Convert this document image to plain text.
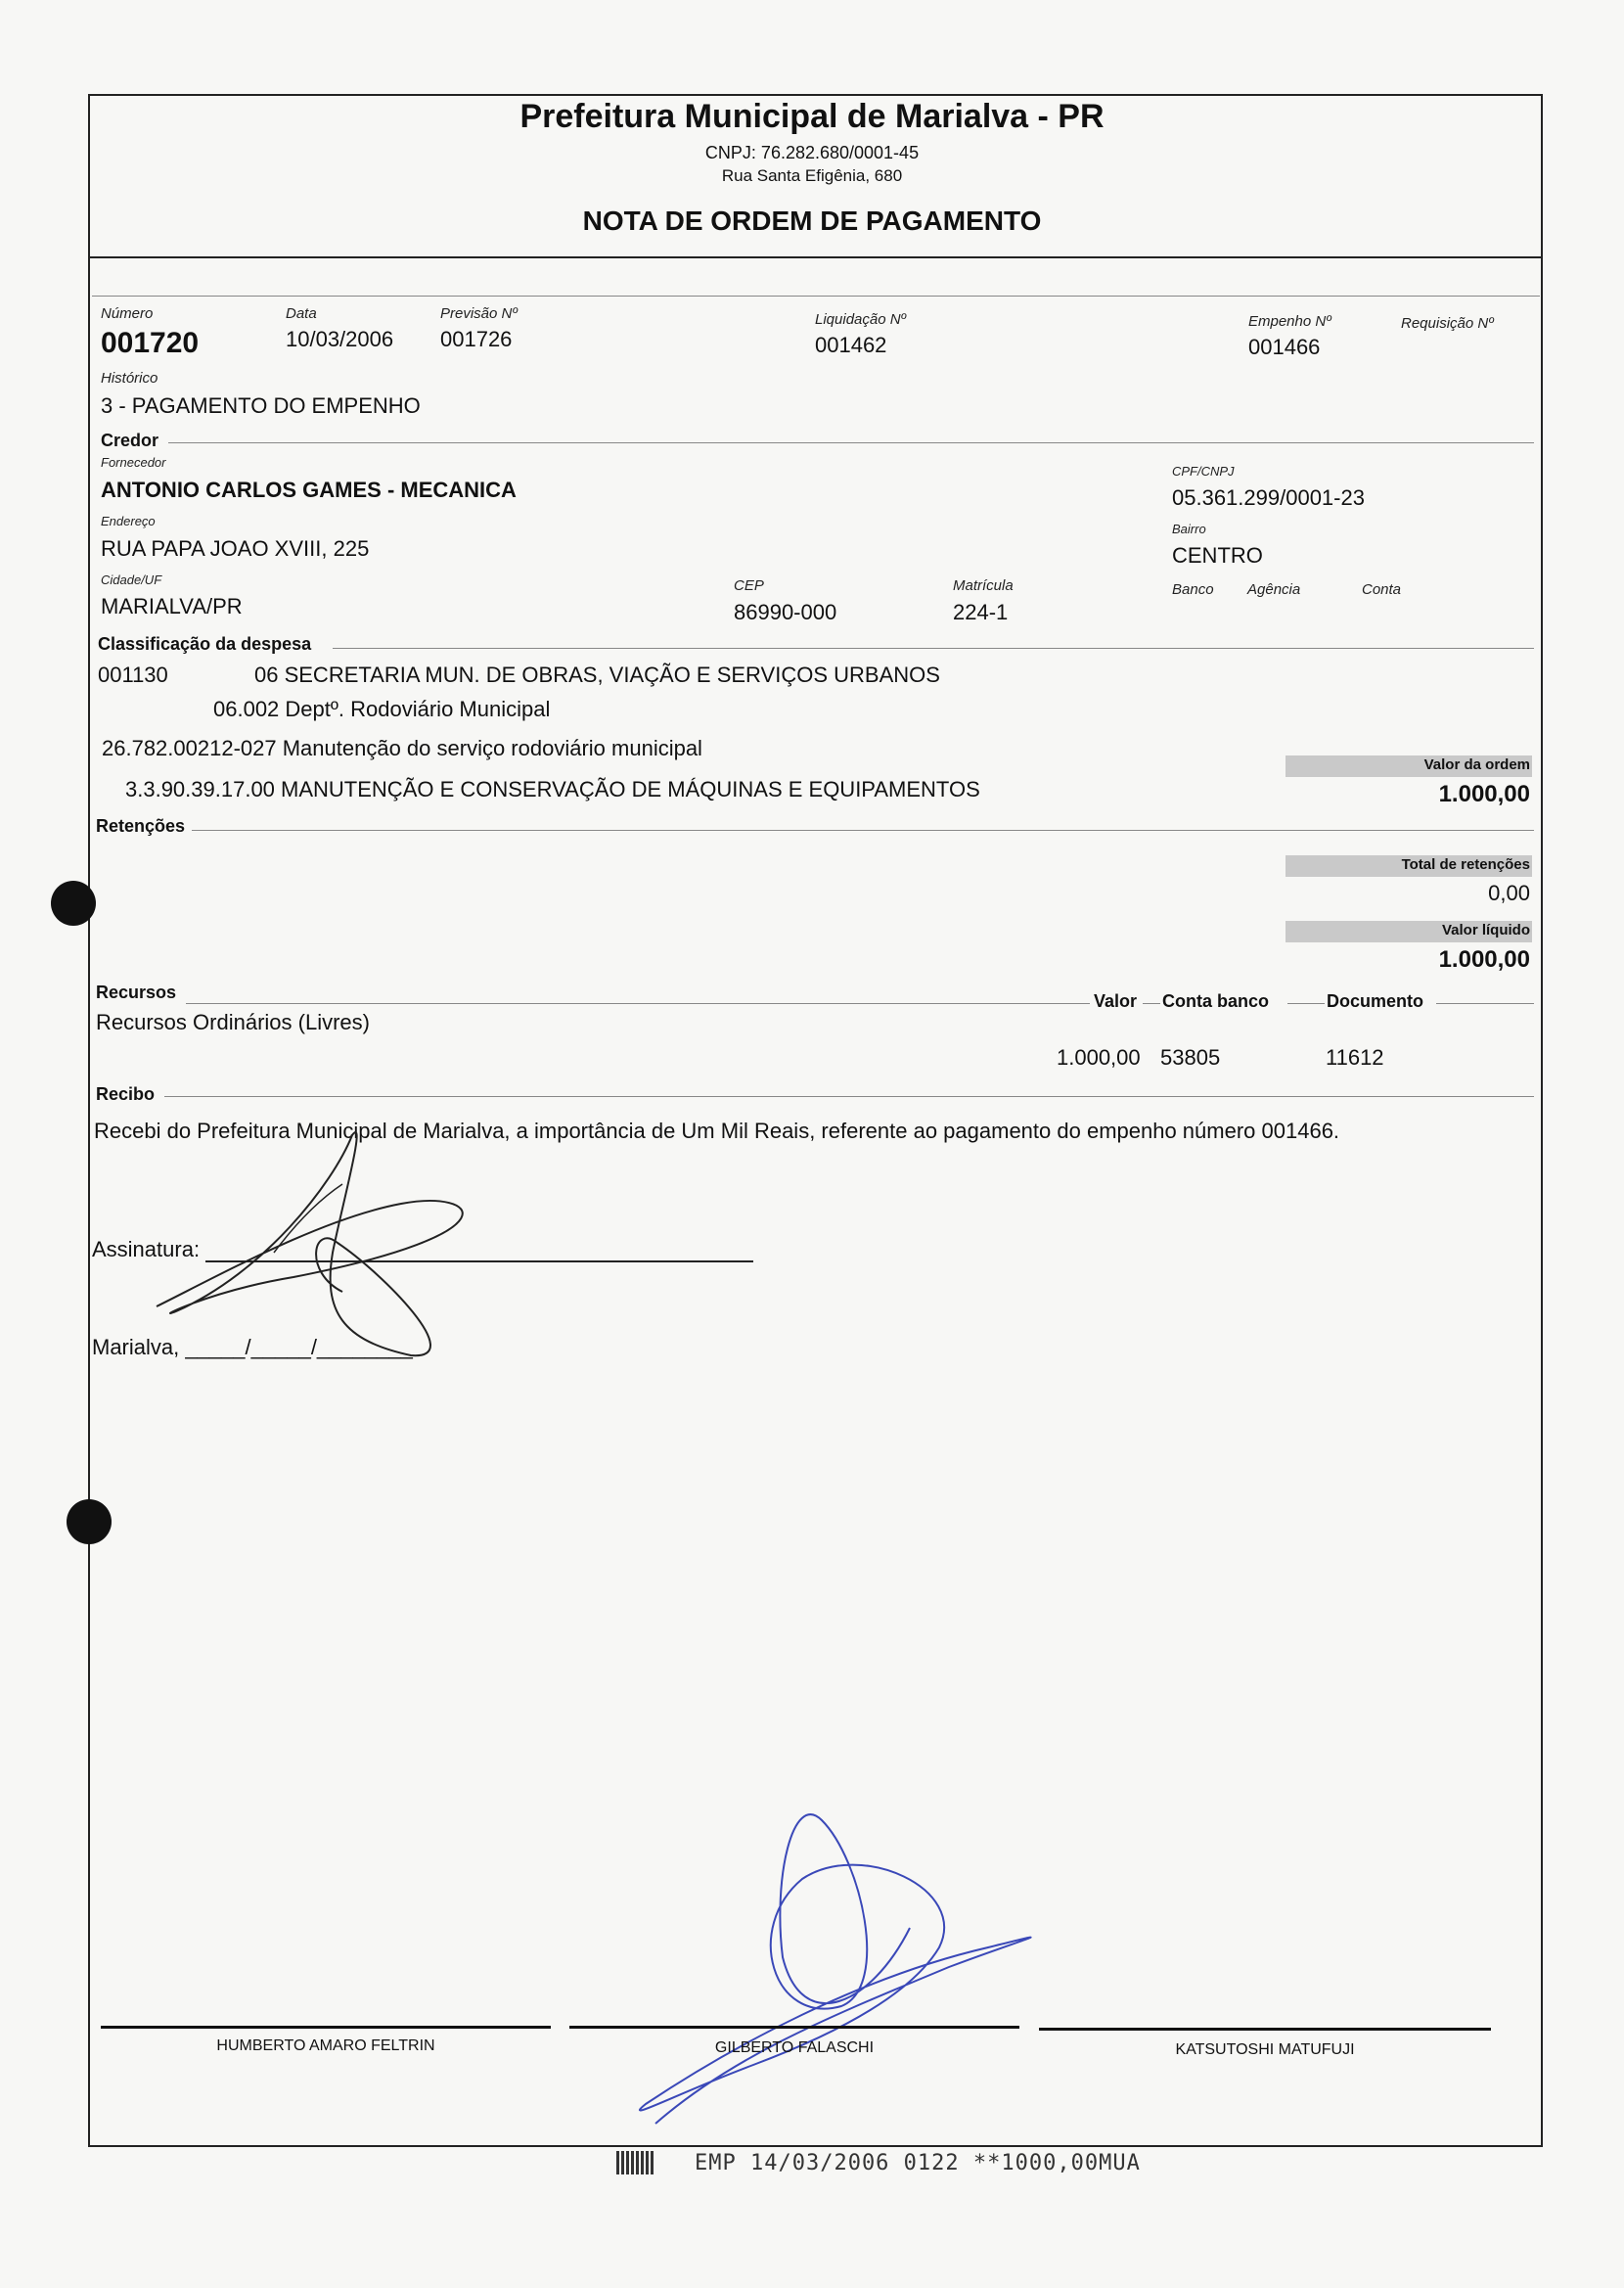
Prefeitura Municipal de Marialva - PR
CNPJ: 76.282.680/0001-45
Rua Santa Efigênia, 680
NOTA DE ORDEM DE PAGAMENTO
Número
001720
Data
10/03/2006
Previsão Nº
001726
Liquidação Nº
001462
Empenho Nº
001466
Requisição Nº
Histórico
3 - PAGAMENTO DO EMPENHO
Credor
Fornecedor
ANTONIO CARLOS GAMES - MECANICA
CPF/CNPJ
05.361.299/0001-23
Endereço
RUA PAPA JOAO XVIII, 225
Bairro
CENTRO
Cidade/UF
MARIALVA/PR
CEP
86990-000
Matrícula
224-1
Banco Agência	Conta
Classificação da despesa
001130	06 SECRETARIA MUN. DE OBRAS, VIAÇÃO E SERVIÇOS URBANOS
06.002 Deptº. Rodoviário Municipal
26.782.00212-027 Manutenção do serviço rodoviário municipal
3.3.90.39.17.00 MANUTENÇÃO E CONSERVAÇÃO DE MÁQUINAS E EQUIPAMENTOS
Valor da ordem
1.000,00
Retenções
Total de retenções
0,00
Valor líquido
1.000,00
Recursos	Valor Conta banco	Documento
Recursos Ordinários (Livres)
1.000,00 53805	11612
Recibo
Recebi do Prefeitura Municipal de Marialva, a importância de Um Mil Reais, referente ao pagamento do empenho número 001466.
Assinatura:
Marialva, _____/_____/________
HUMBERTO AMARO FELTRIN	GILBERTO FALASCHI	KATSUTOSHI MATUFUJI
EMP 14/03/2006 0122 **1000,00MUA
